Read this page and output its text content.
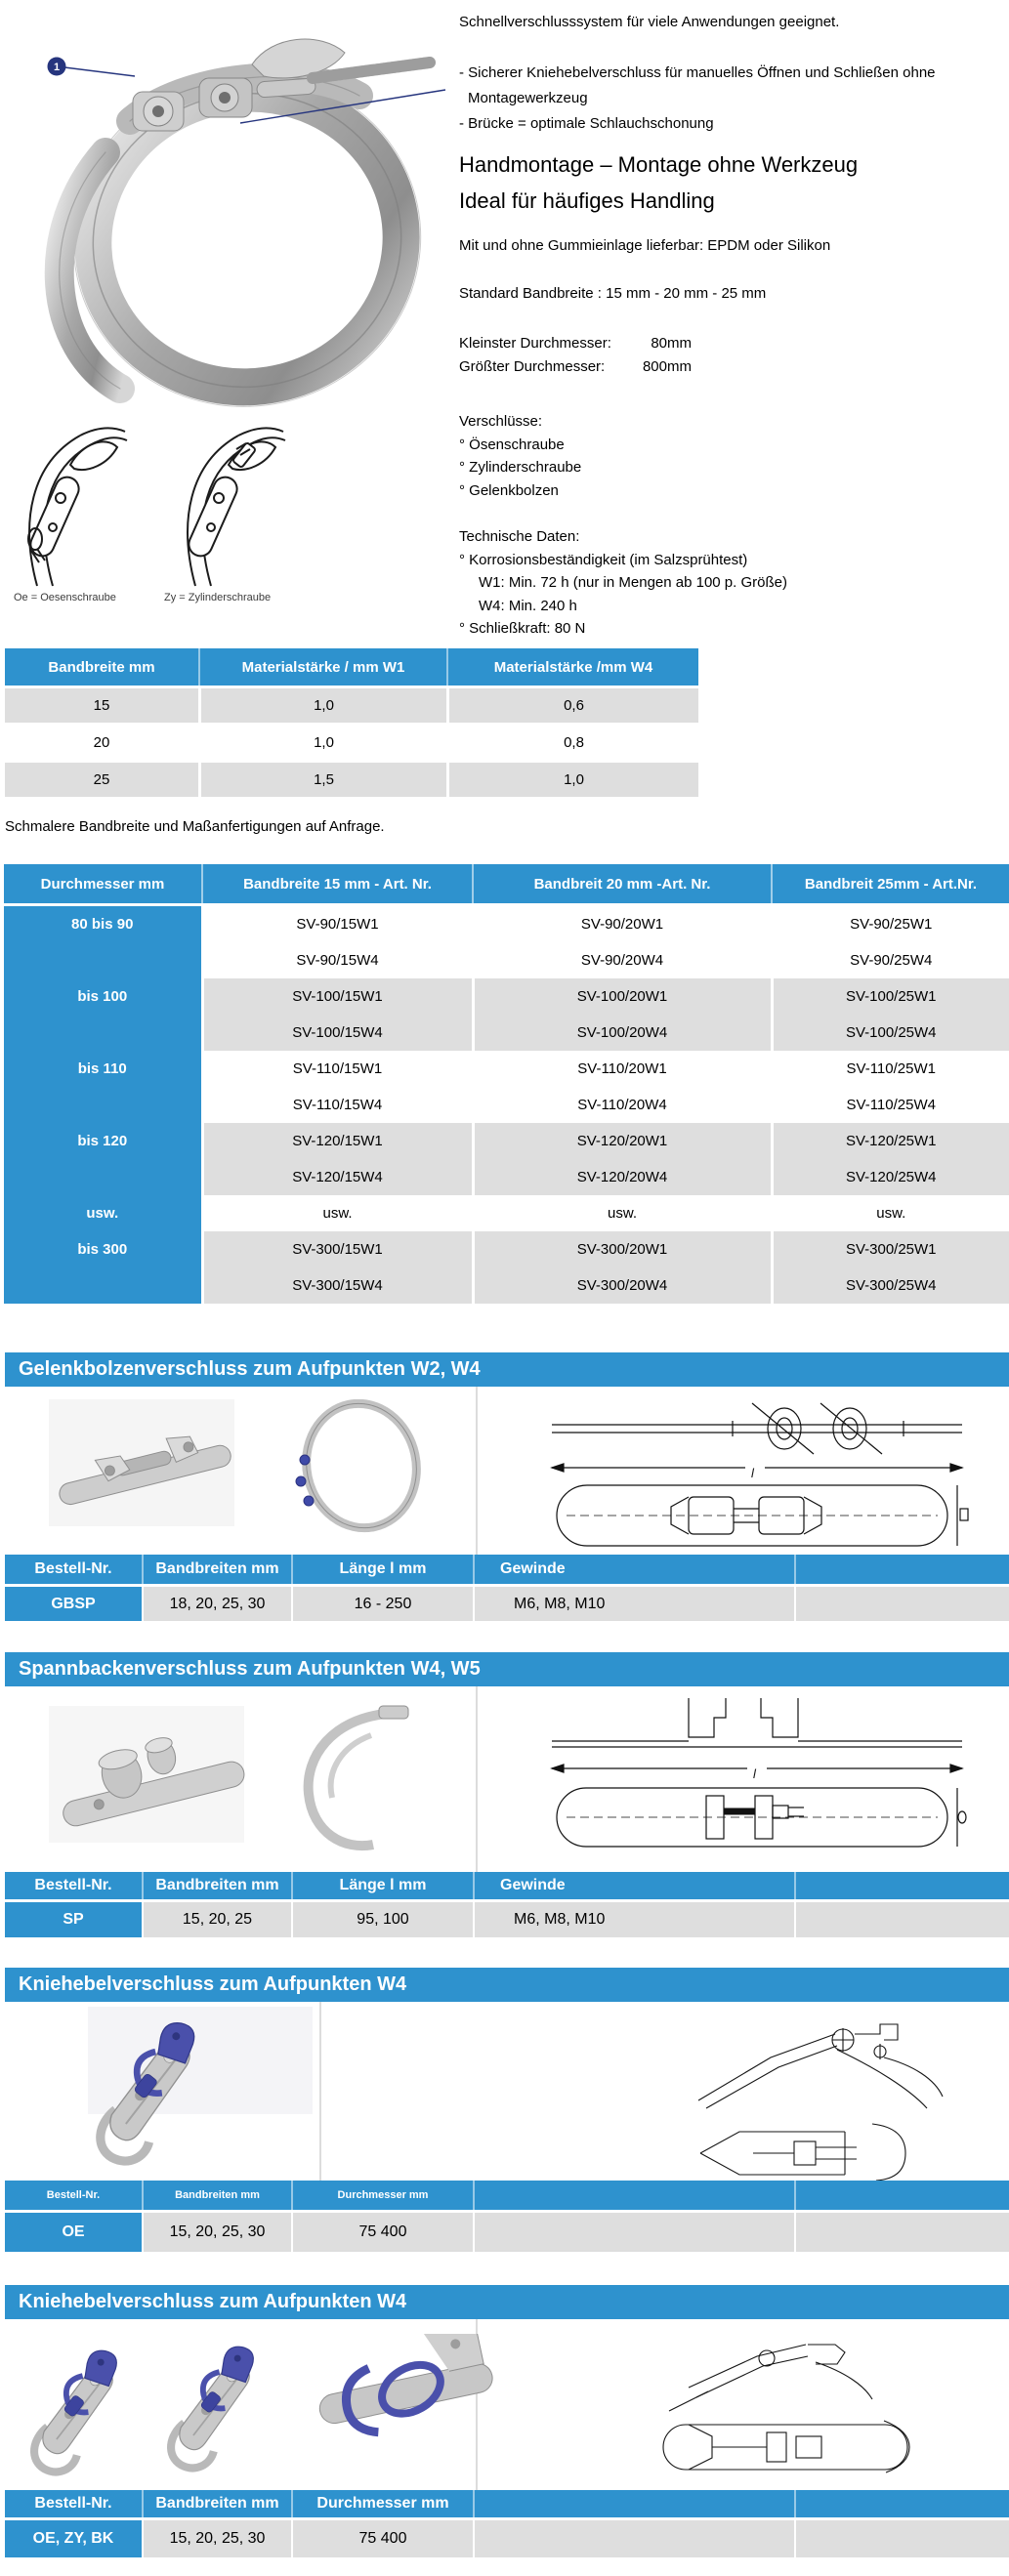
1
Oe = Oesenschraube	Zy = Zylinderschraube
Schnellverschlusssystem für viele Anwendungen geeignet.
- Sicherer Kniehebelverschluss für manuelles Öffnen und Schließen ohne
Montagewerkzeug
- Brücke = optimale Schlauchschonung
Handmontage – Montage ohne Werkzeug
Ideal für häufiges Handling
Mit und ohne Gummieinlage lieferbar: EPDM oder Silikon
Standard Bandbreite : 15 mm - 20 mm - 25 mm
Kleinster Durchmesser:	80mm
Größter Durchmesser:	800mm
Verschlüsse:
° Ösenschraube
° Zylinderschraube
° Gelenkbolzen
Technische Daten:
° Korrosionsbeständigkeit (im Salzsprühtest)
W1: Min. 72 h (nur in Mengen ab 100 p. Größe)
W4: Min. 240 h
° Schließkraft: 80 N
Bandbreite mm	Materialstärke / mm W1	Materialstärke /mm W4
15	1,0	0,6
20	1,0	0,8
25	1,5	1,0
Schmalere Bandbreite und Maßanfertigungen auf Anfrage.
Durchmesser mm	Bandbreite 15 mm - Art. Nr.	Bandbreit 20 mm -Art. Nr.	Bandbreit 25mm - Art.Nr.

80 bis 90	SV-90/15W1	SV-90/20W1	SV-90/25W1
	SV-90/15W4	SV-90/20W4	SV-90/25W4

bis 100	SV-100/15W1	SV-100/20W1	SV-100/25W1
	SV-100/15W4	SV-100/20W4	SV-100/25W4

bis 110	SV-110/15W1	SV-110/20W1	SV-110/25W1
	SV-110/15W4	SV-110/20W4	SV-110/25W4

bis 120	SV-120/15W1	SV-120/20W1	SV-120/25W1
	SV-120/15W4	SV-120/20W4	SV-120/25W4

usw.	usw.	usw.	usw.

bis 300	SV-300/15W1	SV-300/20W1	SV-300/25W1
	SV-300/15W4	SV-300/20W4	SV-300/25W4
Gelenkbolzenverschluss zum Aufpunkten W2, W4
l
Bestell-Nr.	Bandbreiten mm	Länge l mm	Gewinde
GBSP	18, 20, 25, 30	16 - 250	M6, M8, M10
Spannbackenverschluss zum Aufpunkten W4, W5
l
Bestell-Nr.	Bandbreiten mm	Länge l mm	Gewinde
SP	15, 20, 25	95, 100	M6, M8, M10
Kniehebelverschluss zum Aufpunkten W4
Bestell-Nr.	Bandbreiten mm	Durchmesser mm
OE	15, 20, 25, 30	75 400
Kniehebelverschluss zum Aufpunkten W4
Bestell-Nr.	Bandbreiten mm	Durchmesser mm
OE, ZY, BK	15, 20, 25, 30	75 400
